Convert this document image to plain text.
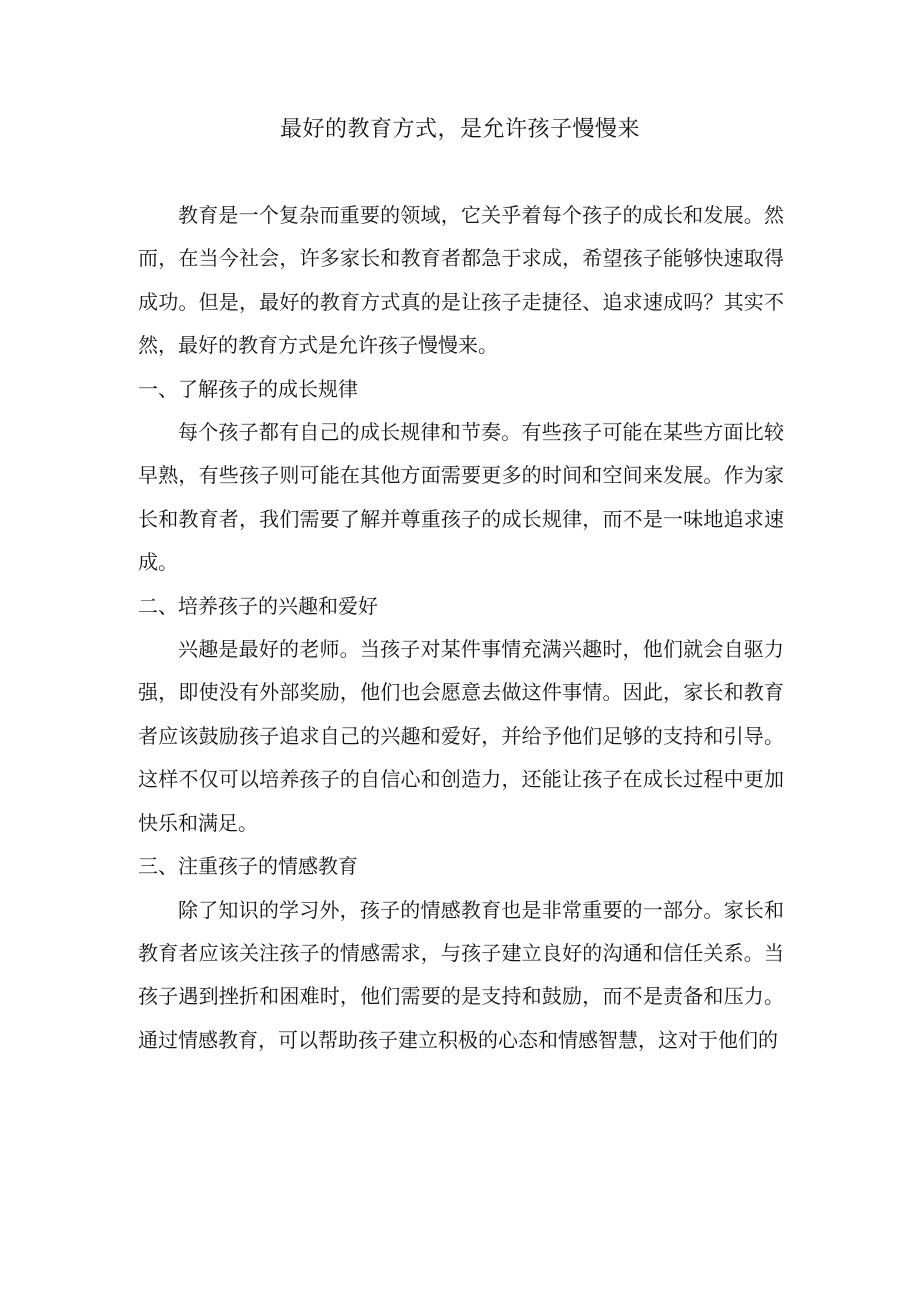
最好的教育方式，是允许孩子慢慢来

教育是一个复杂而重要的领域，它关乎着每个孩子的成长和发展。然而，在当今社会，许多家长和教育者都急于求成，希望孩子能够快速取得成功。但是，最好的教育方式真的是让孩子走捷径、追求速成吗？其实不然，最好的教育方式是允许孩子慢慢来。

一、了解孩子的成长规律

每个孩子都有自己的成长规律和节奏。有些孩子可能在某些方面比较早熟，有些孩子则可能在其他方面需要更多的时间和空间来发展。作为家长和教育者，我们需要了解并尊重孩子的成长规律，而不是一味地追求速成。

二、培养孩子的兴趣和爱好

兴趣是最好的老师。当孩子对某件事情充满兴趣时，他们就会自驱力强，即使没有外部奖励，他们也会愿意去做这件事情。因此，家长和教育者应该鼓励孩子追求自己的兴趣和爱好，并给予他们足够的支持和引导。这样不仅可以培养孩子的自信心和创造力，还能让孩子在成长过程中更加快乐和满足。

三、注重孩子的情感教育

除了知识的学习外，孩子的情感教育也是非常重要的一部分。家长和教育者应该关注孩子的情感需求，与孩子建立良好的沟通和信任关系。当孩子遇到挫折和困难时，他们需要的是支持和鼓励，而不是责备和压力。通过情感教育，可以帮助孩子建立积极的心态和情感智慧，这对于他们的
